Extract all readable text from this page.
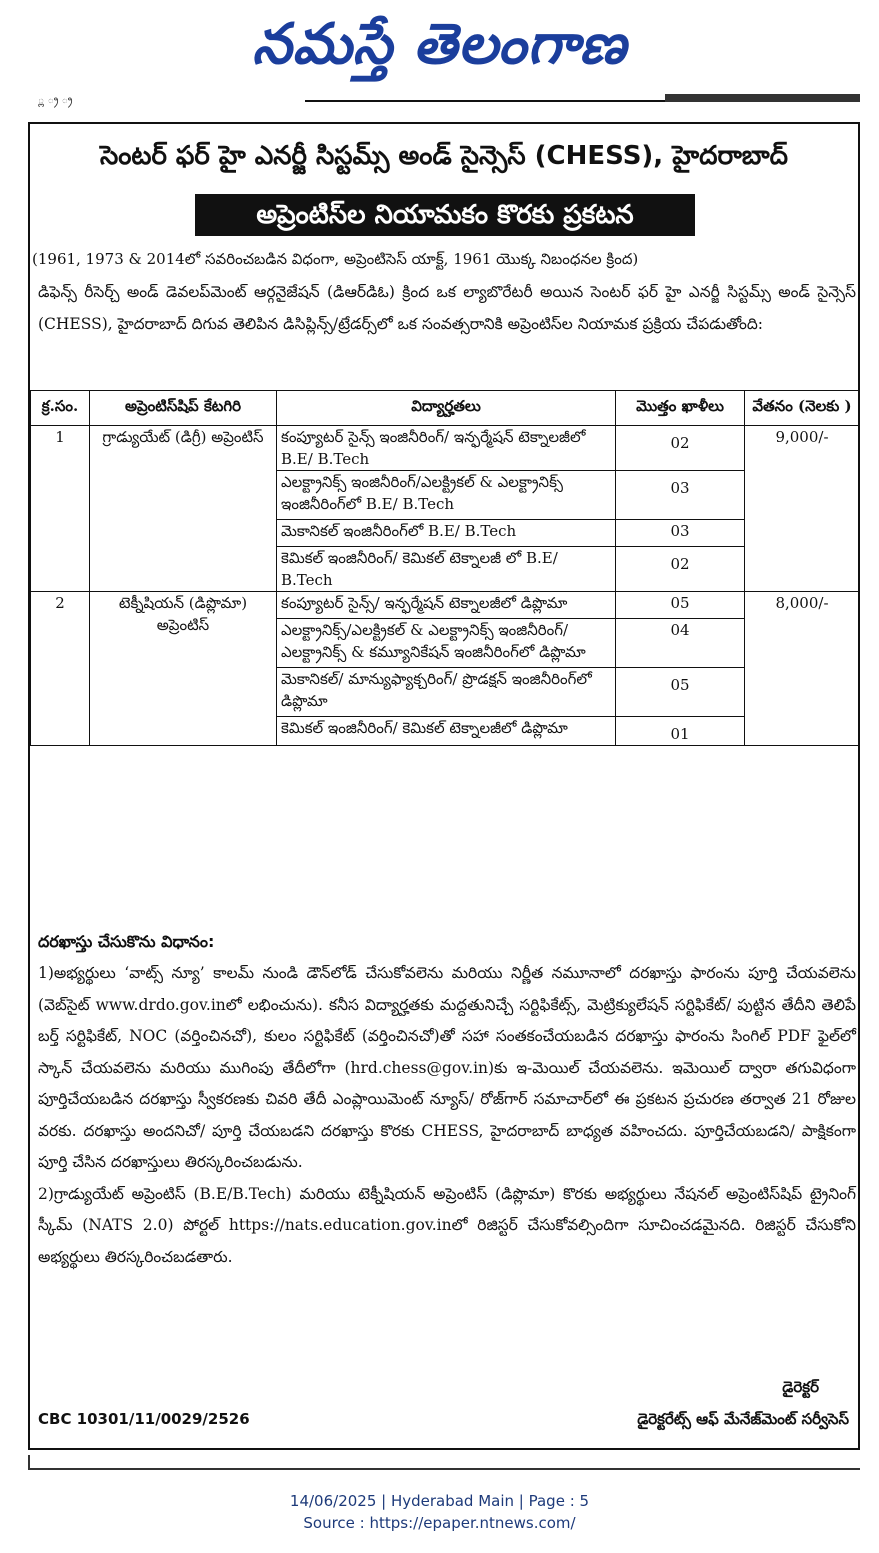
నమస్తే తెలంగాణ
్ల ్ర ్ర
సెంటర్ ఫర్ హై ఎనర్జీ సిస్టమ్స్ అండ్ సైన్సెస్ (CHESS), హైదరాబాద్
అప్రెంటిస్‌ల నియామకం కొరకు ప్రకటన
(1961, 1973 & 2014లో సవరించబడిన విధంగా, అప్రెంటిసెస్ యాక్ట్, 1961 యొక్క నిబంధనల క్రింద)
డిఫెన్స్ రీసెర్చ్ అండ్ డెవలప్‌మెంట్ ఆర్గనైజేషన్ (డిఆర్‌డిఓ) క్రింద ఒక ల్యాబొరేటరీ అయిన సెంటర్ ఫర్ హై ఎనర్జీ సిస్టమ్స్ అండ్ సైన్సెస్ (CHESS), హైదరాబాద్ దిగువ తెలిపిన డిసిప్లిన్స్/ట్రేడర్స్‌లో ఒక సంవత్సరానికి అప్రెంటిస్‌ల నియామక ప్రక్రియ చేపడుతోంది:
క్ర.సం.	అప్రెంటిస్‌షిప్ కేటగిరి	విద్యార్హతలు	మొత్తం ఖాళీలు	వేతనం (నెలకు )
1	గ్రాడ్యుయేట్ (డిగ్రీ) అప్రెంటిస్	కంప్యూటర్ సైన్స్ ఇంజినీరింగ్/ ఇన్ఫర్మేషన్ టెక్నాలజీలో B.E/ B.Tech	02	9,000/-
		ఎలక్ట్రానిక్స్ ఇంజినీరింగ్/ఎలక్ట్రికల్ & ఎలక్ట్రానిక్స్ ఇంజినీరింగ్‌లో B.E/ B.Tech	03	
		మెకానికల్ ఇంజినీరింగ్‌లో B.E/ B.Tech	03	
		కెమికల్ ఇంజినీరింగ్/ కెమికల్ టెక్నాలజీ లో B.E/ B.Tech	02	
2	టెక్నీషియన్ (డిప్లొమా) అప్రెంటిస్	కంప్యూటర్ సైన్స్/ ఇన్ఫర్మేషన్ టెక్నాలజీలో డిప్లొమా	05	8,000/-
		ఎలక్ట్రానిక్స్/ఎలక్ట్రికల్ & ఎలక్ట్రానిక్స్ ఇంజినీరింగ్/ఎలక్ట్రానిక్స్ & కమ్యూనికేషన్ ఇంజినీరింగ్‌లో డిప్లొమా	04	
		మెకానికల్/ మాన్యుఫ్యాక్చరింగ్/ ప్రొడక్షన్ ఇంజినీరింగ్‌లో డిప్లొమా	05	
		కెమికల్ ఇంజినీరింగ్/ కెమికల్ టెక్నాలజీలో డిప్లొమా	01	
దరఖాస్తు చేసుకొను విధానం:

1)అభ్యర్థులు ‘వాట్స్ న్యూ’ కాలమ్ నుండి డౌన్‌లోడ్ చేసుకోవలెను మరియు నిర్ణీత నమూనాలో దరఖాస్తు ఫారంను పూర్తి చేయవలెను (వెబ్‌సైట్ www.drdo.gov.inలో లభించును). కనీస విద్యార్హతకు మద్దతునిచ్చే సర్టిఫికేట్స్, మెట్రిక్యులేషన్ సర్టిఫికేట్/ పుట్టిన తేదీని తెలిపే బర్త్ సర్టిఫికేట్, NOC (వర్తించినచో), కులం సర్టిఫికేట్ (వర్తించినచో)తో సహా సంతకంచేయబడిన దరఖాస్తు ఫారంను సింగిల్ PDF ఫైల్‌లో స్కాన్ చేయవలెను మరియు ముగింపు తేదీలోగా (hrd.chess@gov.in)కు ఇ-మెయిల్ చేయవలెను. ఇమెయిల్ ద్వారా తగువిధంగా పూర్తిచేయబడిన దరఖాస్తు స్వీకరణకు చివరి తేదీ ఎంప్లాయిమెంట్ న్యూస్/ రోజ్‌గార్ సమాచార్‌లో ఈ ప్రకటన ప్రచురణ తర్వాత 21 రోజుల వరకు. దరఖాస్తు అందనిచో/ పూర్తి చేయబడని దరఖాస్తు కొరకు CHESS, హైదరాబాద్ బాధ్యత వహించదు. పూర్తిచేయబడని/ పాక్షికంగా పూర్తి చేసిన దరఖాస్తులు తిరస్కరించబడును.

2)గ్రాడ్యుయేట్ అప్రెంటిస్ (B.E/B.Tech) మరియు టెక్నీషియన్ అప్రెంటిస్ (డిప్లొమా) కొరకు అభ్యర్థులు నేషనల్ అప్రెంటిస్‌షిప్ ట్రైనింగ్ స్కీమ్ (NATS 2.0) పోర్టల్ https://nats.education.gov.inలో రిజిస్టర్ చేసుకోవల్సిందిగా సూచించడమైనది. రిజిస్టర్ చేసుకోని అభ్యర్థులు తిరస్కరించబడతారు.

డైరెక్టర్
CBC 10301/11/0029/2526	డైరెక్టరేట్స్ ఆఫ్ మేనేజ్‌మెంట్ సర్వీసెస్
14/06/2025 | Hyderabad Main | Page : 5
Source : https://epaper.ntnews.com/
